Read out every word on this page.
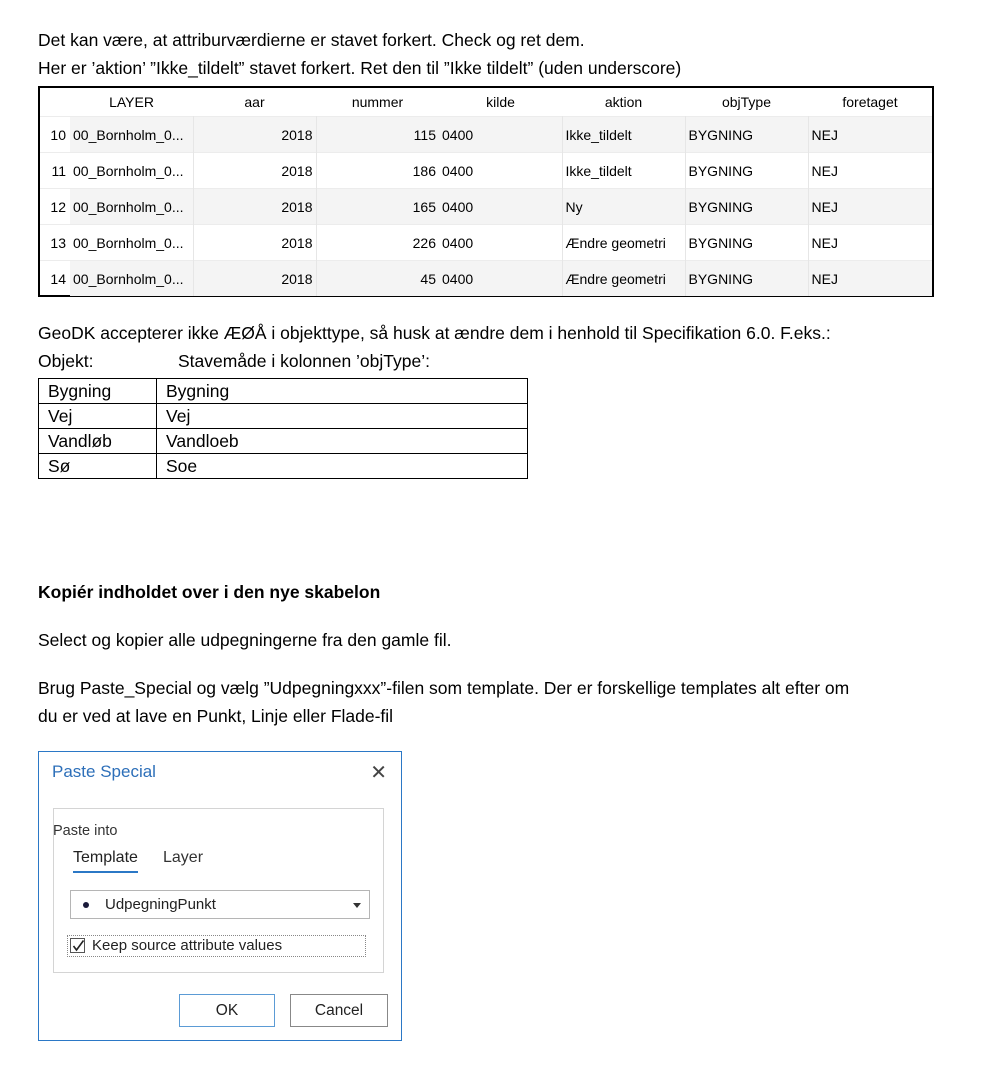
Det kan være, at attriburværdierne er stavet forkert. Check og ret dem.
Her er ’aktion’ ”Ikke_tildelt” stavet forkert. Ret den til ”Ikke tildelt” (uden underscore)
	LAYER	aar	nummer	kilde	aktion	objType	foretaget
10	00_Bornholm_0...	2018	115	0400	Ikke_tildelt	BYGNING	NEJ
11	00_Bornholm_0...	2018	186	0400	Ikke_tildelt	BYGNING	NEJ
12	00_Bornholm_0...	2018	165	0400	Ny	BYGNING	NEJ
13	00_Bornholm_0...	2018	226	0400	Ændre geometri	BYGNING	NEJ
14	00_Bornholm_0...	2018	45	0400	Ændre geometri	BYGNING	NEJ
GeoDK accepterer ikke ÆØÅ i objekttype, så husk at ændre dem i henhold til Specifikation 6.0. F.eks.:
Objekt:	Stavemåde i kolonnen ’objType’:
Bygning	Bygning
Vej	Vej
Vandløb	Vandloeb
Sø	Soe
Kopiér indholdet over i den nye skabelon
Select og kopier alle udpegningerne fra den gamle fil.
Brug Paste_Special og vælg ”Udpegningxxx”-filen som template. Der er forskellige templates alt efter om
du er ved at lave en Punkt, Linje eller Flade-fil
Paste Special	✕
Paste into
Template Layer
UdpegningPunkt
Keep source attribute values
OK	Cancel
